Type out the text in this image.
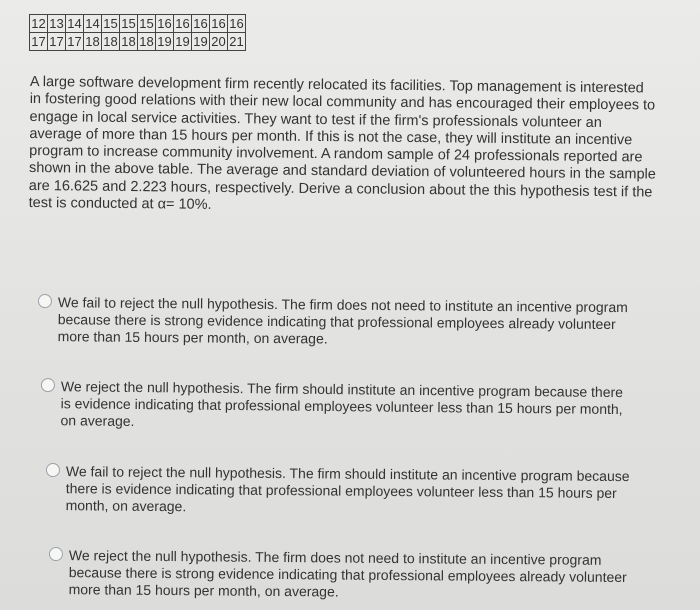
12	13	14	14	15	15	15	16	16	16	16	16
17	17	17	18	18	18	18	19	19	19	20	21
A large software development firm recently relocated its facilities. Top management is interested in fostering good relations with their new local community and has encouraged their employees to engage in local service activities. They want to test if the firm's professionals volunteer an average of more than 15 hours per month. If this is not the case, they will institute an incentive program to increase community involvement. A random sample of 24 professionals reported are shown in the above table. The average and standard deviation of volunteered hours in the sample are 16.625 and 2.223 hours, respectively. Derive a conclusion about the this hypothesis test if the test is conducted at α= 10%.
We fail to reject the null hypothesis. The firm does not need to institute an incentive program because there is strong evidence indicating that professional employees already volunteer more than 15 hours per month, on average.
We reject the null hypothesis. The firm should institute an incentive program because there is evidence indicating that professional employees volunteer less than 15 hours per month, on average.
We fail to reject the null hypothesis. The firm should institute an incentive program because there is evidence indicating that professional employees volunteer less than 15 hours per month, on average.
We reject the null hypothesis. The firm does not need to institute an incentive program because there is strong evidence indicating that professional employees already volunteer more than 15 hours per month, on average.
